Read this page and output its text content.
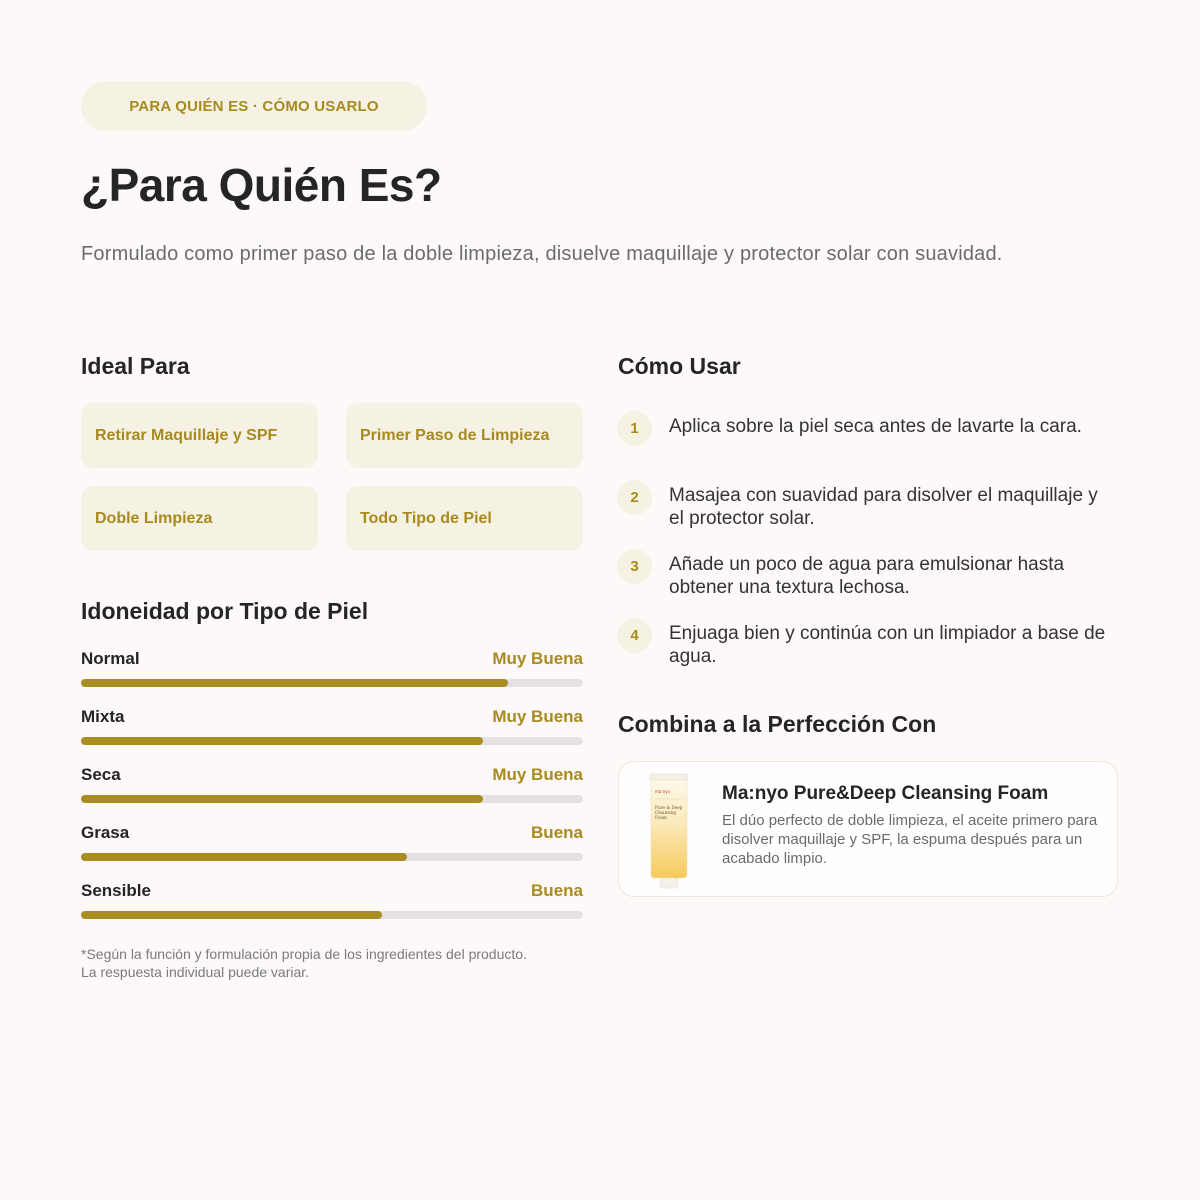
PARA QUIÉN ES · CÓMO USARLO
¿Para Quién Es?

Formulado como primer paso de la doble limpieza, disuelve maquillaje y protector solar con suavidad.

Ideal Para
Retirar Maquillaje y SPF	Primer Paso de Limpieza
Doble Limpieza	Todo Tipo de Piel
Idoneidad por Tipo de Piel
Normal	Muy Buena
Mixta	Muy Buena
Seca	Muy Buena
Grasa	Buena
Sensible	Buena
*Según la función y formulación propia de los ingredientes del producto.
La respuesta individual puede variar.
Cómo Usar
1	Aplica sobre la piel seca antes de lavarte la cara.
2	Masajea con suavidad para disolver el maquillaje y el protector solar.
3	Añade un poco de agua para emulsionar hasta obtener una textura lechosa.
4	Enjuaga bien y continúa con un limpiador a base de agua.
Combina a la Perfección Con
ma:nyo
Pure & Deep
Cleansing
Foam
Ma:nyo Pure&Deep Cleansing Foam
El dúo perfecto de doble limpieza, el aceite primero para disolver maquillaje y SPF, la espuma después para un acabado limpio.
